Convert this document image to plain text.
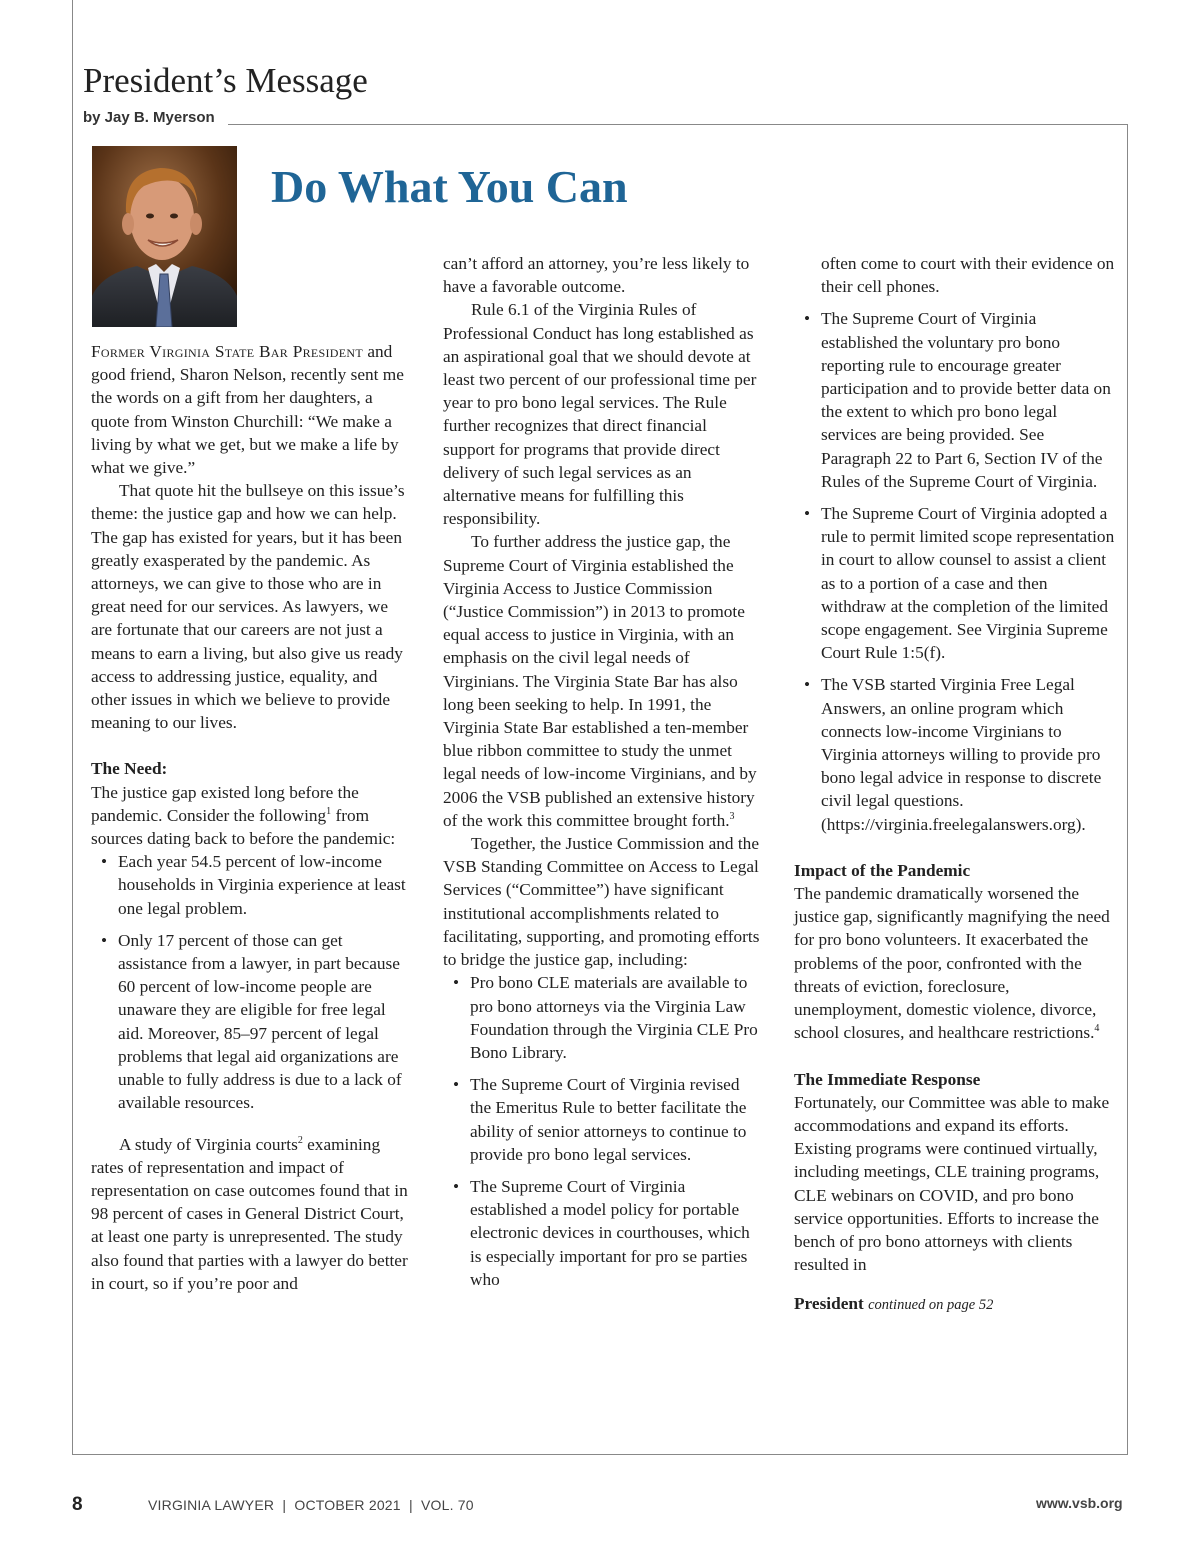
President’s Message
by Jay B. Myerson
Do What You Can

Former Virginia State Bar President and good friend, Sharon Nelson, recently sent me the words on a gift from her daughters, a quote from Winston Churchill: “We make a living by what we get, but we make a life by what we give.”

That quote hit the bullseye on this issue’s theme: the justice gap and how we can help. The gap has existed for years, but it has been greatly exasperated by the pandemic. As attorneys, we can give to those who are in great need for our services. As lawyers, we are fortunate that our careers are not just a means to earn a living, but also give us ready access to addressing justice, equality, and other issues in which we believe to provide meaning to our lives.

The Need:

The justice gap existed long before the pandemic. Consider the following$^1$ from sources dating back to before the pandemic:

• Each year 54.5 percent of low-income households in Virginia experience at least one legal problem.
• Only 17 percent of those can get assistance from a lawyer, in part because 60 percent of low-income people are unaware they are eligible for free legal aid. Moreover, 85–97 percent of legal problems that legal aid organizations are unable to fully address is due to a lack of available resources.

A study of Virginia courts$^2$ examining rates of representation and impact of representation on case outcomes found that in 98 percent of cases in General District Court, at least one party is unrepresented. The study also found that parties with a lawyer do better in court, so if you’re poor and

can’t afford an attorney, you’re less likely to have a favorable outcome.

Rule 6.1 of the Virginia Rules of Professional Conduct has long established as an aspirational goal that we should devote at least two percent of our professional time per year to pro bono legal services. The Rule further recognizes that direct financial support for programs that provide direct delivery of such legal services as an alternative means for fulfilling this responsibility.

To further address the justice gap, the Supreme Court of Virginia established the Virginia Access to Justice Commission (“Justice Commission”) in 2013 to promote equal access to justice in Virginia, with an emphasis on the civil legal needs of Virginians. The Virginia State Bar has also long been seeking to help. In 1991, the Virginia State Bar established a ten-member blue ribbon committee to study the unmet legal needs of low-income Virginians, and by 2006 the VSB published an extensive history of the work this committee brought forth.$^3$

Together, the Justice Commission and the VSB Standing Committee on Access to Legal Services (“Committee”) have significant institutional accomplishments related to facilitating, supporting, and promoting efforts to bridge the justice gap, including:

• Pro bono CLE materials are available to pro bono attorneys via the Virginia Law Foundation through the Virginia CLE Pro Bono Library.
• The Supreme Court of Virginia revised the Emeritus Rule to better facilitate the ability of senior attorneys to continue to provide pro bono legal services.
• The Supreme Court of Virginia established a model policy for portable electronic devices in courthouses, which is especially important for pro se parties who

often come to court with their evidence on their cell phones.

• The Supreme Court of Virginia established the voluntary pro bono reporting rule to encourage greater participation and to provide better data on the extent to which pro bono legal services are being provided. See Paragraph 22 to Part 6, Section IV of the Rules of the Supreme Court of Virginia.
• The Supreme Court of Virginia adopted a rule to permit limited scope representation in court to allow counsel to assist a client as to a portion of a case and then withdraw at the completion of the limited scope engagement. See Virginia Supreme Court Rule 1:5(f).
• The VSB started Virginia Free Legal Answers, an online program which connects low-income Virginians to Virginia attorneys willing to provide pro bono legal advice in response to discrete civil legal questions. (https://virginia.freelegalanswers.org).

Impact of the Pandemic

The pandemic dramatically worsened the justice gap, significantly magnifying the need for pro bono volunteers. It exacerbated the problems of the poor, confronted with the threats of eviction, foreclosure, unemployment, domestic violence, divorce, school closures, and healthcare restrictions.$^4$

The Immediate Response

Fortunately, our Committee was able to make accommodations and expand its efforts. Existing programs were continued virtually, including meetings, CLE training programs, CLE webinars on COVID, and pro bono service opportunities. Efforts to increase the bench of pro bono attorneys with clients resulted in

President continued on page 52

8	VIRGINIA LAWYER  |  OCTOBER 2021  |  VOL. 70	www.vsb.org
